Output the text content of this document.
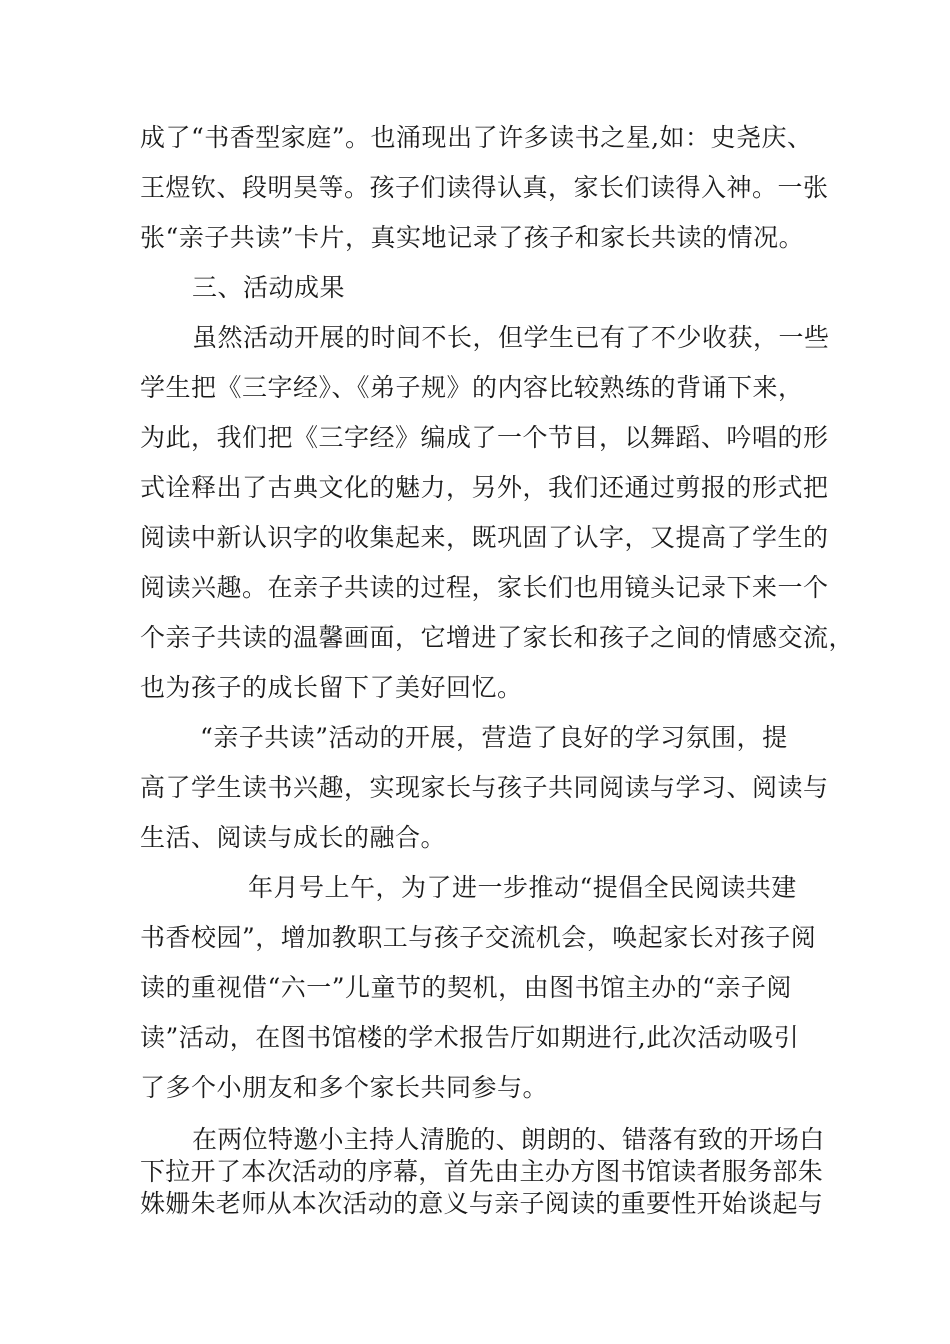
成了“书香型家庭”。也涌现出了许多读书之星,如：史尧庆、
王煜钦、段明昊等。孩子们读得认真，家长们读得入神。一张
张“亲子共读”卡片，真实地记录了孩子和家长共读的情况。
三、活动成果
虽然活动开展的时间不长，但学生已有了不少收获，一些
学生把《三字经》、《弟子规》的内容比较熟练的背诵下来，
为此，我们把《三字经》编成了一个节目，以舞蹈、吟唱的形
式诠释出了古典文化的魅力，另外，我们还通过剪报的形式把
阅读中新认识字的收集起来，既巩固了认字，又提高了学生的
阅读兴趣。在亲子共读的过程，家长们也用镜头记录下来一个
个亲子共读的温馨画面，它增进了家长和孩子之间的情感交流，
也为孩子的成长留下了美好回忆。
“亲子共读”活动的开展，营造了良好的学习氛围，提
高了学生读书兴趣，实现家长与孩子共同阅读与学习、阅读与
生活、阅读与成长的融合。
年月号上午，为了进一步推动“提倡全民阅读共建
书香校园”，增加教职工与孩子交流机会，唤起家长对孩子阅
读的重视借“六一”儿童节的契机，由图书馆主办的“亲子阅
读”活动，在图书馆楼的学术报告厅如期进行,此次活动吸引
了多个小朋友和多个家长共同参与。
在两位特邀小主持人清脆的、朗朗的、错落有致的开场白
下拉开了本次活动的序幕，首先由主办方图书馆读者服务部朱
姝姗朱老师从本次活动的意义与亲子阅读的重要性开始谈起与
